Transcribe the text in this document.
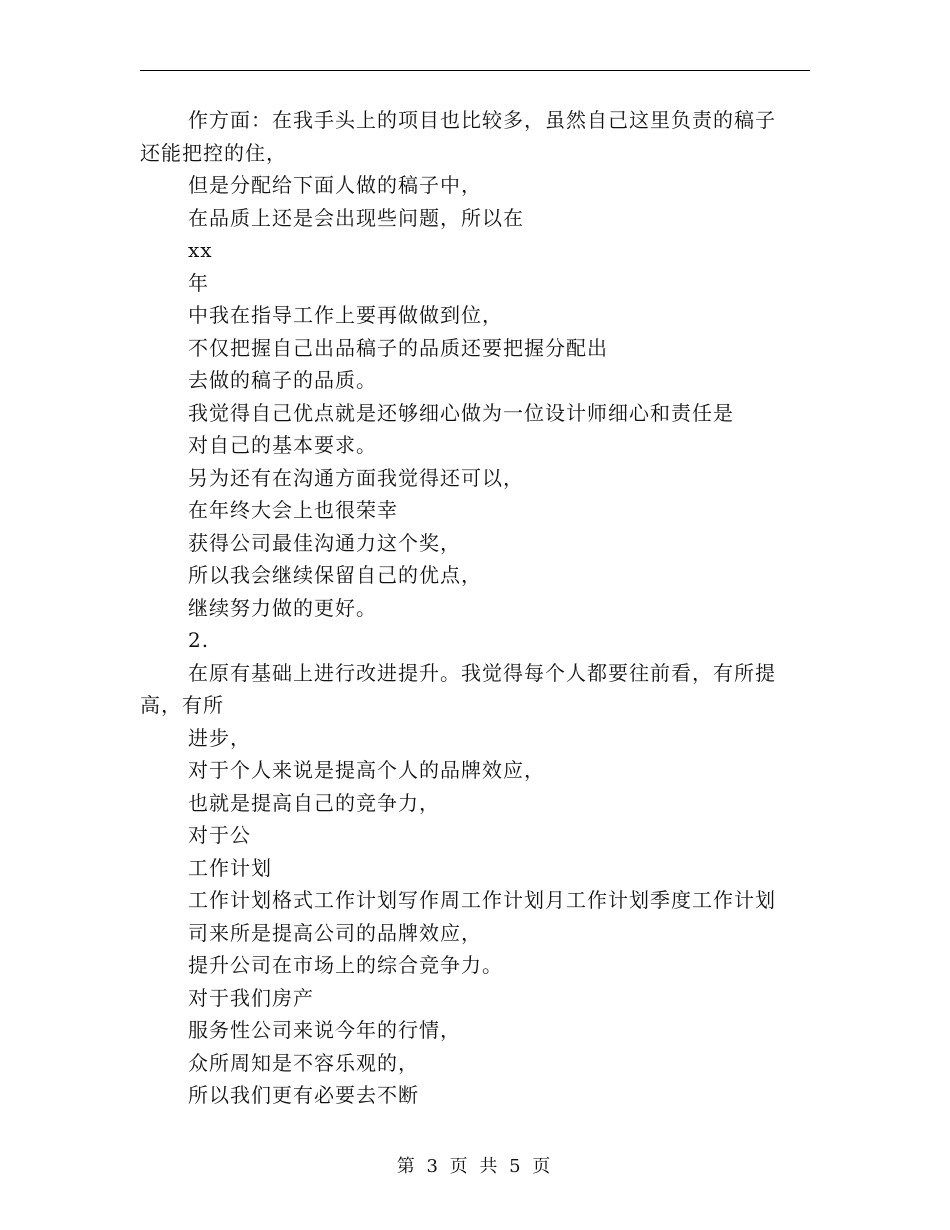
作方面：在我手头上的项目也比较多，虽然自己这里负责的稿子
还能把控的住，
但是分配给下面人做的稿子中，
在品质上还是会出现些问题，所以在
xx
年
中我在指导工作上要再做做到位，
不仅把握自己出品稿子的品质还要把握分配出
去做的稿子的品质。
我觉得自己优点就是还够细心做为一位设计师细心和责任是
对自己的基本要求。
另为还有在沟通方面我觉得还可以，
在年终大会上也很荣幸
获得公司最佳沟通力这个奖，
所以我会继续保留自己的优点，
继续努力做的更好。
2.
在原有基础上进行改进提升。我觉得每个人都要往前看，有所提
高，有所
进步，
对于个人来说是提高个人的品牌效应，
也就是提高自己的竞争力，
对于公
工作计划
工作计划格式工作计划写作周工作计划月工作计划季度工作计划
司来所是提高公司的品牌效应，
提升公司在市场上的综合竞争力。
对于我们房产
服务性公司来说今年的行情，
众所周知是不容乐观的，
所以我们更有必要去不断
第 3 页 共 5 页
